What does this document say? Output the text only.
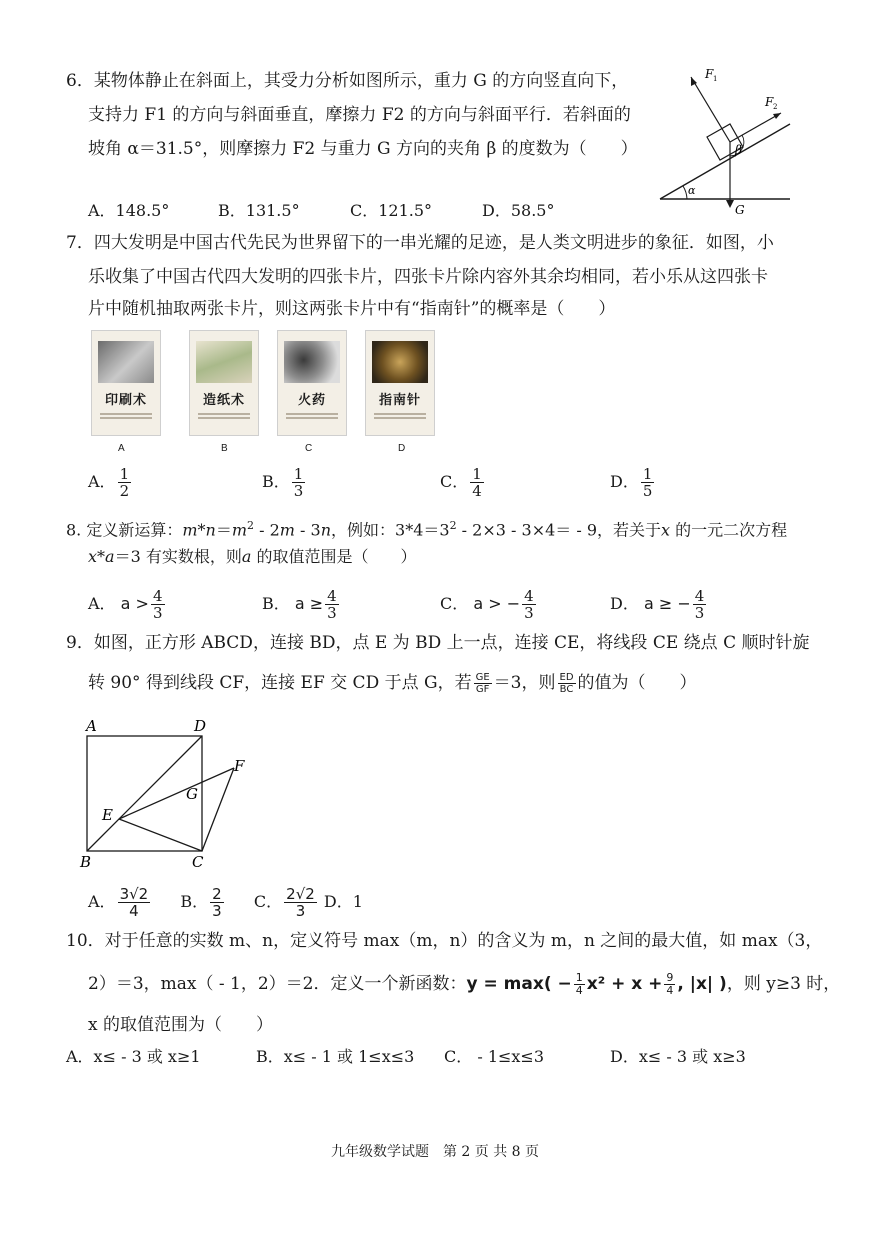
6．某物体静止在斜面上，其受力分析如图所示，重力 G 的方向竖直向下，
支持力 F1 的方向与斜面垂直，摩擦力 F2 的方向与斜面平行．若斜面的
坡角 α＝31.5°，则摩擦力 F2 与重力 G 方向的夹角 β 的度数为（　　）
F 1
F 2
β
α
G
A．148.5°	B．131.5°	C．121.5°	D．58.5°
7．四大发明是中国古代先民为世界留下的一串光耀的足迹，是人类文明进步的象征．如图，小
乐收集了中国古代四大发明的四张卡片，四张卡片除内容外其余均相同，若小乐从这四张卡
片中随机抽取两张卡片，则这两张卡片中有“指南针”的概率是（　　）
印刷术	造纸术	火药	指南针
A	B	C	D
A． $\frac{1}{2}$	B． $\frac{1}{3}$	C． $\frac{1}{4}$	D． $\frac{1}{5}$
8. 定义新运算：$m*n=m^2 - 2m - 3n$，例如：$3*4=3^2 - 2\times 3 - 3\times 4= - 9$，若关于x 的一元二次方程
x*a＝3 有实数根，则a 的取值范围是（　　）
A． $a > \frac{4}{3}$	B． $a \ge \frac{4}{3}$	C． a > − $\frac{4}{3}$	D． a ≥ − $\frac{4}{3}$
9．如图，正方形 ABCD，连接 BD，点 E 为 BD 上一点，连接 CE，将线段 CE 绕点 C 顺时针旋
转 90° 得到线段 CF，连接 EF 交 CD 于点 G，若 $\frac{GE}{GF} =3$，则 $\frac{ED}{BC}$ 的值为（　　）
A	D
F
G
E
B	C
A． $\frac{3√2}{4}$ B． $\frac{2}{3}$ C． $\frac{2√2}{3}$ D．1
10．对于任意的实数 m、n，定义符号 max（m，n）的含义为 m，n 之间的最大值，如 max（3，
2）＝3，max（ - 1，2）＝2．定义一个新函数：$y = \max( - \frac{1}{4} x^2 + x + \frac{9}{4}$ , |x| )，则 y≥3 时，
x 的取值范围为（　　）
A．x≤ - 3 或 x≥1	B．x≤ - 1 或 1≤x≤3 C． - 1≤x≤3	D．x≤ - 3 或 x≥3
九年级数学试题　第 2 页 共 8 页
